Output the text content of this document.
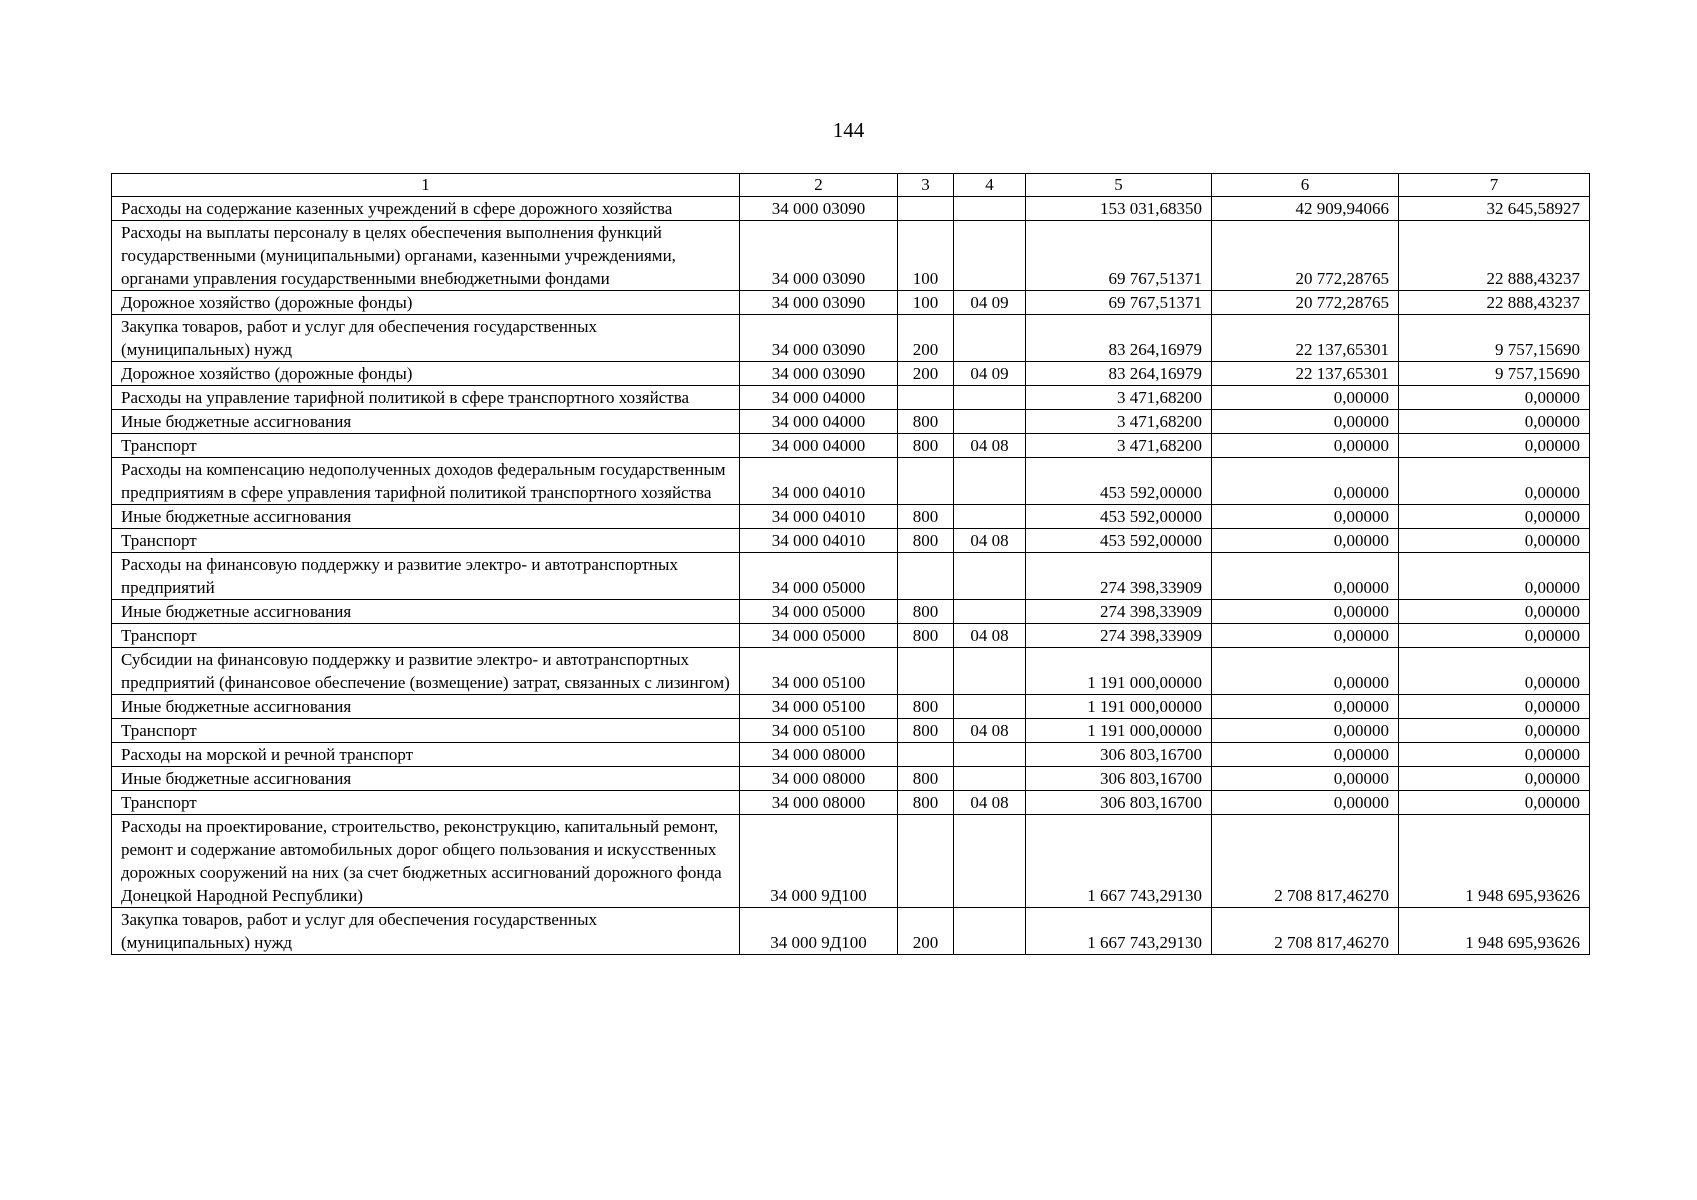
144
1	2	3	4	5	6	7
Расходы на содержание казенных учреждений в сфере дорожного хозяйства	34 000 03090			153 031,68350	42 909,94066	32 645,58927
Расходы на выплаты персоналу в целях обеспечения выполнения функций государственными (муниципальными) органами, казенными учреждениями, органами управления государственными внебюджетными фондами	34 000 03090	100		69 767,51371	20 772,28765	22 888,43237
Дорожное хозяйство (дорожные фонды)	34 000 03090	100	04 09	69 767,51371	20 772,28765	22 888,43237
Закупка товаров, работ и услуг для обеспечения государственных (муниципальных) нужд	34 000 03090	200		83 264,16979	22 137,65301	9 757,15690
Дорожное хозяйство (дорожные фонды)	34 000 03090	200	04 09	83 264,16979	22 137,65301	9 757,15690
Расходы на управление тарифной политикой в сфере транспортного хозяйства	34 000 04000			3 471,68200	0,00000	0,00000
Иные бюджетные ассигнования	34 000 04000	800		3 471,68200	0,00000	0,00000
Транспорт	34 000 04000	800	04 08	3 471,68200	0,00000	0,00000
Расходы на компенсацию недополученных доходов федеральным государственным предприятиям в сфере управления тарифной политикой транспортного хозяйства	34 000 04010			453 592,00000	0,00000	0,00000
Иные бюджетные ассигнования	34 000 04010	800		453 592,00000	0,00000	0,00000
Транспорт	34 000 04010	800	04 08	453 592,00000	0,00000	0,00000
Расходы на финансовую поддержку и развитие электро- и автотранспортных предприятий	34 000 05000			274 398,33909	0,00000	0,00000
Иные бюджетные ассигнования	34 000 05000	800		274 398,33909	0,00000	0,00000
Транспорт	34 000 05000	800	04 08	274 398,33909	0,00000	0,00000
Субсидии на финансовую поддержку и развитие электро- и автотранспортных предприятий (финансовое обеспечение (возмещение) затрат, связанных с лизингом)	34 000 05100			1 191 000,00000	0,00000	0,00000
Иные бюджетные ассигнования	34 000 05100	800		1 191 000,00000	0,00000	0,00000
Транспорт	34 000 05100	800	04 08	1 191 000,00000	0,00000	0,00000
Расходы на морской и речной транспорт	34 000 08000			306 803,16700	0,00000	0,00000
Иные бюджетные ассигнования	34 000 08000	800		306 803,16700	0,00000	0,00000
Транспорт	34 000 08000	800	04 08	306 803,16700	0,00000	0,00000
Расходы на проектирование, строительство, реконструкцию, капитальный ремонт, ремонт и содержание автомобильных дорог общего пользования и искусственных дорожных сооружений на них (за счет бюджетных ассигнований дорожного фонда Донецкой Народной Республики)	34 000 9Д100			1 667 743,29130	2 708 817,46270	1 948 695,93626
Закупка товаров, работ и услуг для обеспечения государственных (муниципальных) нужд	34 000 9Д100	200		1 667 743,29130	2 708 817,46270	1 948 695,93626
